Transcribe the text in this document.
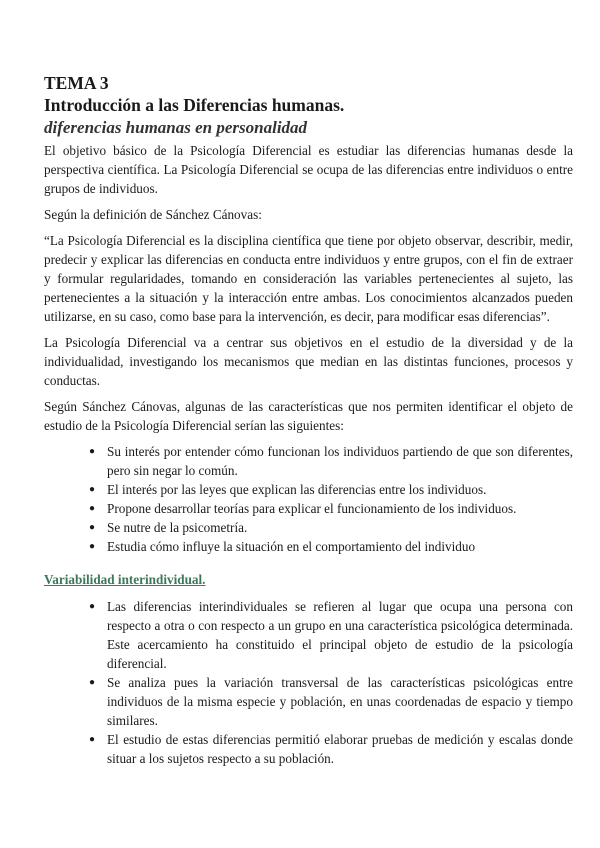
TEMA 3
Introducción a las Diferencias humanas.
diferencias humanas en personalidad

El objetivo básico de la Psicología Diferencial es estudiar las diferencias humanas desde la perspectiva científica. La Psicología Diferencial se ocupa de las diferencias entre individuos o entre grupos de individuos.

Según la definición de Sánchez Cánovas:

“La Psicología Diferencial es la disciplina científica que tiene por objeto observar, describir, medir, predecir y explicar las diferencias en conducta entre individuos y entre grupos, con el fin de extraer y formular regularidades, tomando en consideración las variables pertenecientes al sujeto, las pertenecientes a la situación y la interacción entre ambas. Los conocimientos alcanzados pueden utilizarse, en su caso, como base para la intervención, es decir, para modificar esas diferencias”.

La Psicología Diferencial va a centrar sus objetivos en el estudio de la diversidad y de la individualidad, investigando los mecanismos que median en las distintas funciones, procesos y conductas.

Según Sánchez Cánovas, algunas de las características que nos permiten identificar el objeto de estudio de la Psicología Diferencial serían las siguientes:

● Su interés por entender cómo funcionan los individuos partiendo de que son diferentes, pero sin negar lo común.
● El interés por las leyes que explican las diferencias entre los individuos.
● Propone desarrollar teorías para explicar el funcionamiento de los individuos.
● Se nutre de la psicometría.
● Estudia cómo influye la situación en el comportamiento del individuo
Variabilidad interindividual.
● Las diferencias interindividuales se refieren al lugar que ocupa una persona con respecto a otra o con respecto a un grupo en una característica psicológica determinada. Este acercamiento ha constituido el principal objeto de estudio de la psicología diferencial.
● Se analiza pues la variación transversal de las características psicológicas entre individuos de la misma especie y población, en unas coordenadas de espacio y tiempo similares.
● El estudio de estas diferencias permitió elaborar pruebas de medición y escalas donde situar a los sujetos respecto a su población.
